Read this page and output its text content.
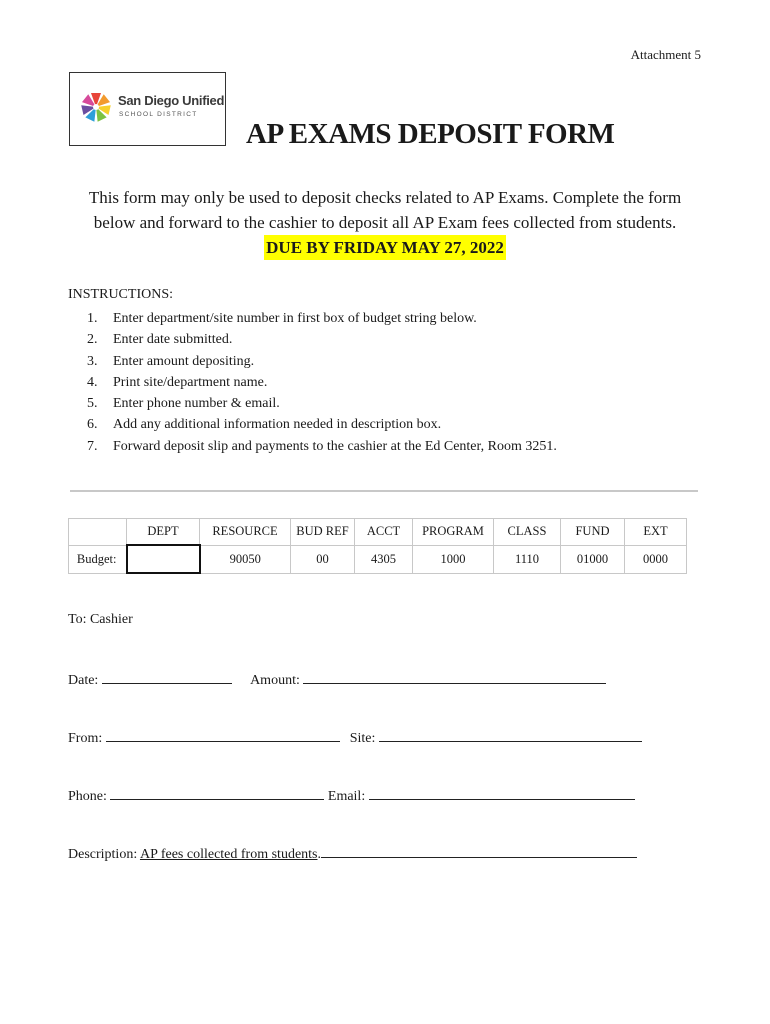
Attachment 5
San Diego Unified
SCHOOL DISTRICT
AP EXAMS DEPOSIT FORM
This form may only be used to deposit checks related to AP Exams. Complete the form
below and forward to the cashier to deposit all AP Exam fees collected from students.
DUE BY FRIDAY MAY 27, 2022
INSTRUCTIONS:
1. Enter department/site number in first box of budget string below.
2. Enter date submitted.
3. Enter amount depositing.
4. Print site/department name.
5. Enter phone number & email.
6. Add any additional information needed in description box.
7. Forward deposit slip and payments to the cashier at the Ed Center, Room 3251.
	DEPT	RESOURCE	BUD REF	ACCT	PROGRAM	CLASS	FUND	EXT
Budget:		90050	00	4305	1000	1110	01000	0000
To: Cashier
Date:	Amount:
From:	Site:
Phone:	Email:
Description: AP fees collected from students.
